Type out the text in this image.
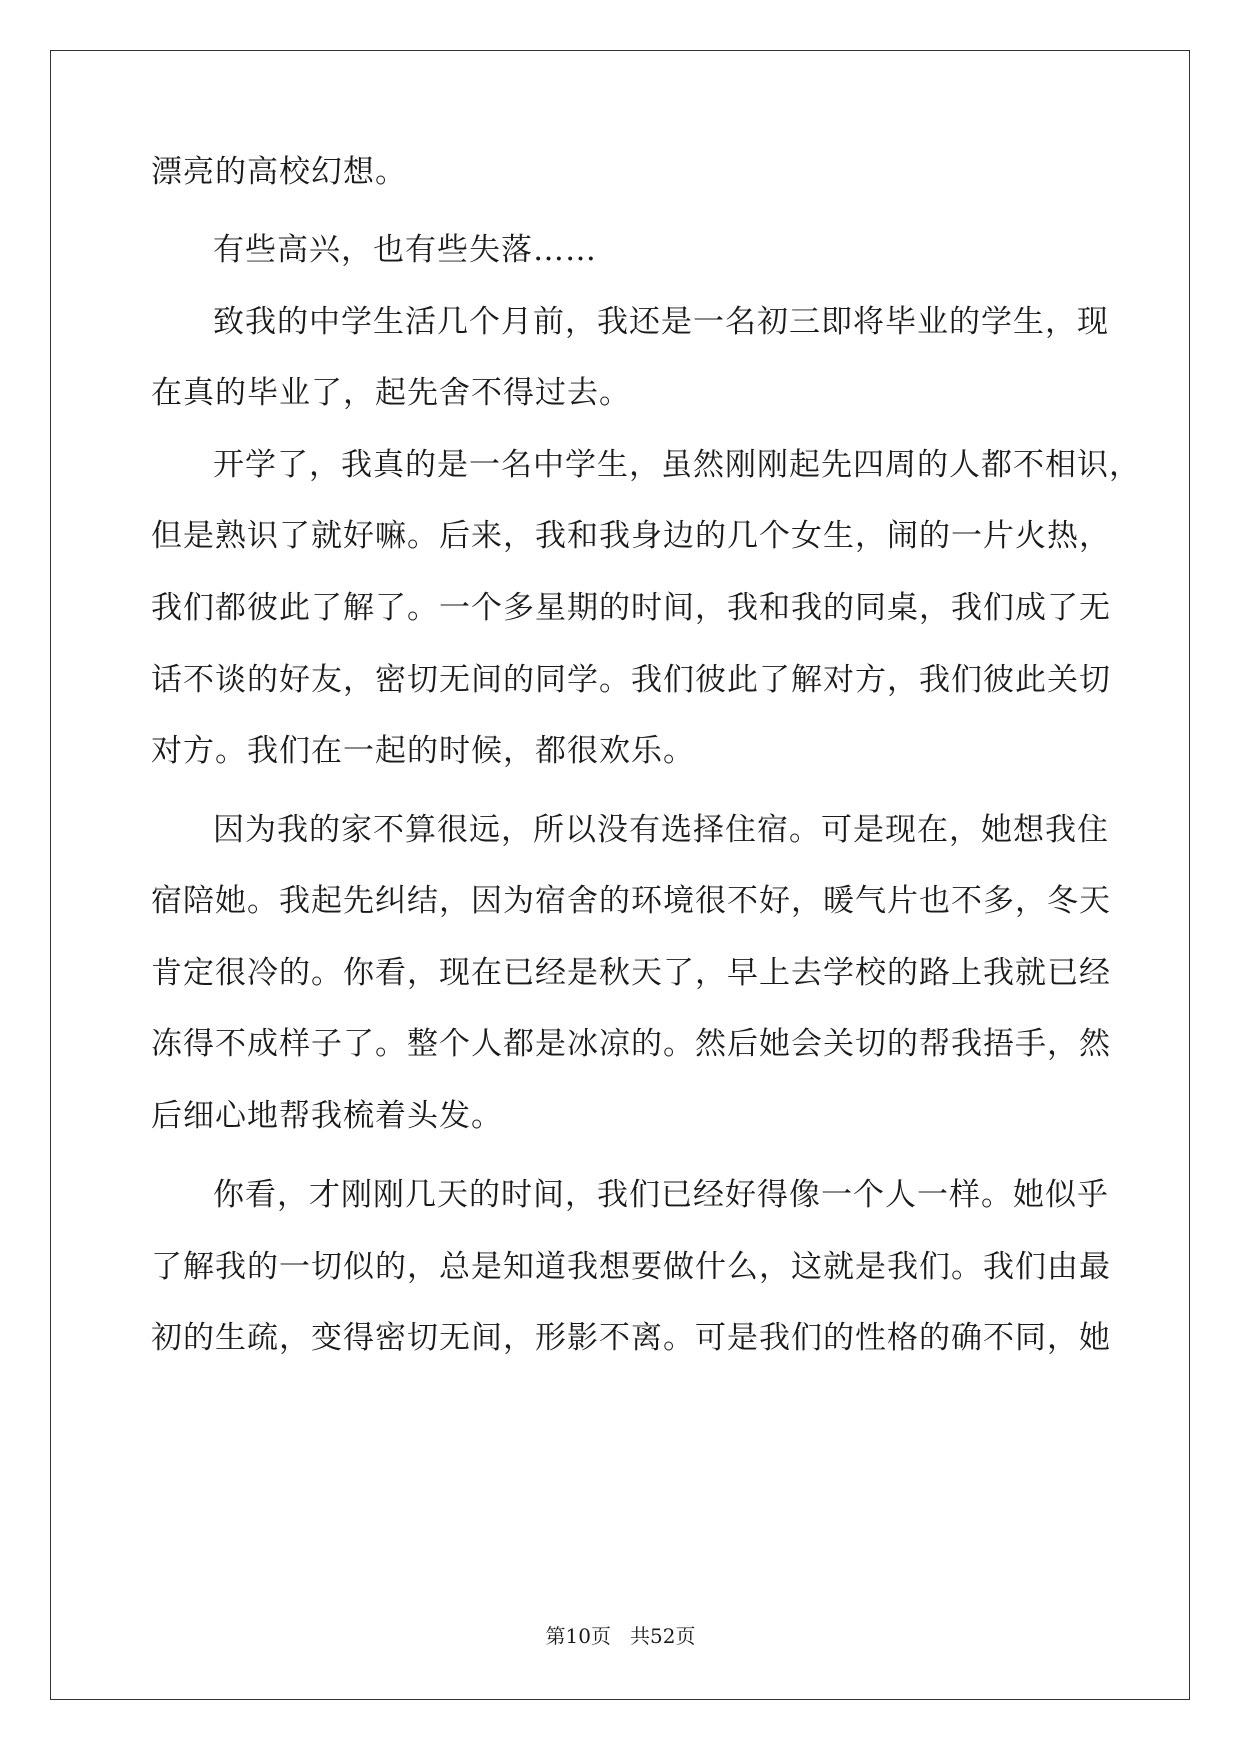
漂亮的高校幻想。
有些高兴，也有些失落……
致我的中学生活几个月前，我还是一名初三即将毕业的学生，现
在真的毕业了，起先舍不得过去。
开学了，我真的是一名中学生，虽然刚刚起先四周的人都不相识，
但是熟识了就好嘛。后来，我和我身边的几个女生，闹的一片火热，
我们都彼此了解了。一个多星期的时间，我和我的同桌，我们成了无
话不谈的好友，密切无间的同学。我们彼此了解对方，我们彼此关切
对方。我们在一起的时候，都很欢乐。
因为我的家不算很远，所以没有选择住宿。可是现在，她想我住
宿陪她。我起先纠结，因为宿舍的环境很不好，暖气片也不多，冬天
肯定很冷的。你看，现在已经是秋天了，早上去学校的路上我就已经
冻得不成样子了。整个人都是冰凉的。然后她会关切的帮我捂手，然
后细心地帮我梳着头发。
你看，才刚刚几天的时间，我们已经好得像一个人一样。她似乎
了解我的一切似的，总是知道我想要做什么，这就是我们。我们由最
初的生疏，变得密切无间，形影不离。可是我们的性格的确不同，她
第10页   共52页
